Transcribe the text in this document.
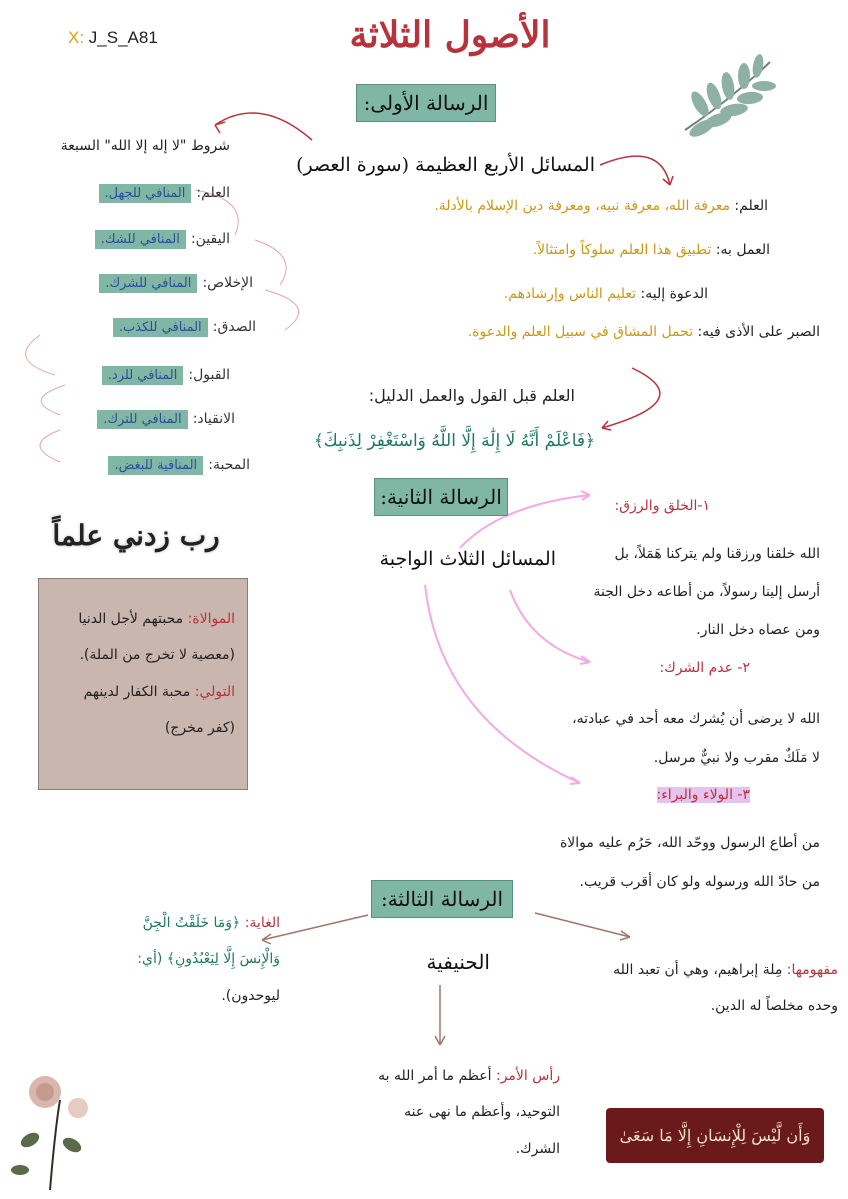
X: J_S_A81	الأصول الثلاثة
الرسالة الأولى:
المسائل الأربع العظيمة (سورة العصر)
العلم: معرفة الله، معرفة نبيه، ومعرفة دين الإسلام بالأدلة.
العمل به: تطبيق هذا العلم سلوكاً وامتثالاً.
الدعوة إليه: تعليم الناس وإرشادهم.
الصبر على الأذى فيه: تحمل المشاق في سبيل العلم والدعوة.
العلم قبل القول والعمل الدليل:
﴿فَاعْلَمْ أَنَّهُ لَا إِلَٰهَ إِلَّا اللَّهُ وَاسْتَغْفِرْ لِذَنبِكَ﴾
شروط "لا إله إلا الله" السبعة
العلم: المنافي للجهل.
اليقين: المنافي للشك.
الإخلاص: المنافي للشرك.
الصدق: المنافي للكذب.
القبول: المنافي للرد.
الانقياد: المنافي للترك.
المحبة: المنافية للبغض.
رب زدني علماً
الموالاة: محبتهم لأجل الدنيا
(معصية لا تخرج من الملة).
التولي: محبة الكفار لدينهم
(كفر مخرج)
الرسالة الثانية:
المسائل الثلاث الواجبة
١-الخلق والرزق:
الله خلقنا ورزقنا ولم يتركنا هَمَلاً، بل
أرسل إلينا رسولاً، من أطاعه دخل الجنة
ومن عصاه دخل النار.
٢- عدم الشرك:
الله لا يرضى أن يُشرك معه أحد في عبادته،
لا مَلَكٌ مقرب ولا نبيٌّ مرسل.
٣- الولاء والبراء:
من أطاع الرسول ووحّد الله، حَرُم عليه موالاة
من حادّ الله ورسوله ولو كان أقرب قريب.
الرسالة الثالثة:
الحنيفية
الغاية: ﴿وَمَا خَلَقْتُ الْجِنَّ
وَالْإِنسَ إِلَّا لِيَعْبُدُونِ﴾ (أي:
ليوحدون).
مفهومها: مِلة إبراهيم، وهي أن تعبد الله
وحده مخلصاً له الدين.
رأس الأمر: أعظم ما أمر الله به
التوحيد، وأعظم ما نهى عنه
الشرك.
وَأَن لَّيْسَ لِلْإِنسَانِ إِلَّا مَا سَعَىٰ
